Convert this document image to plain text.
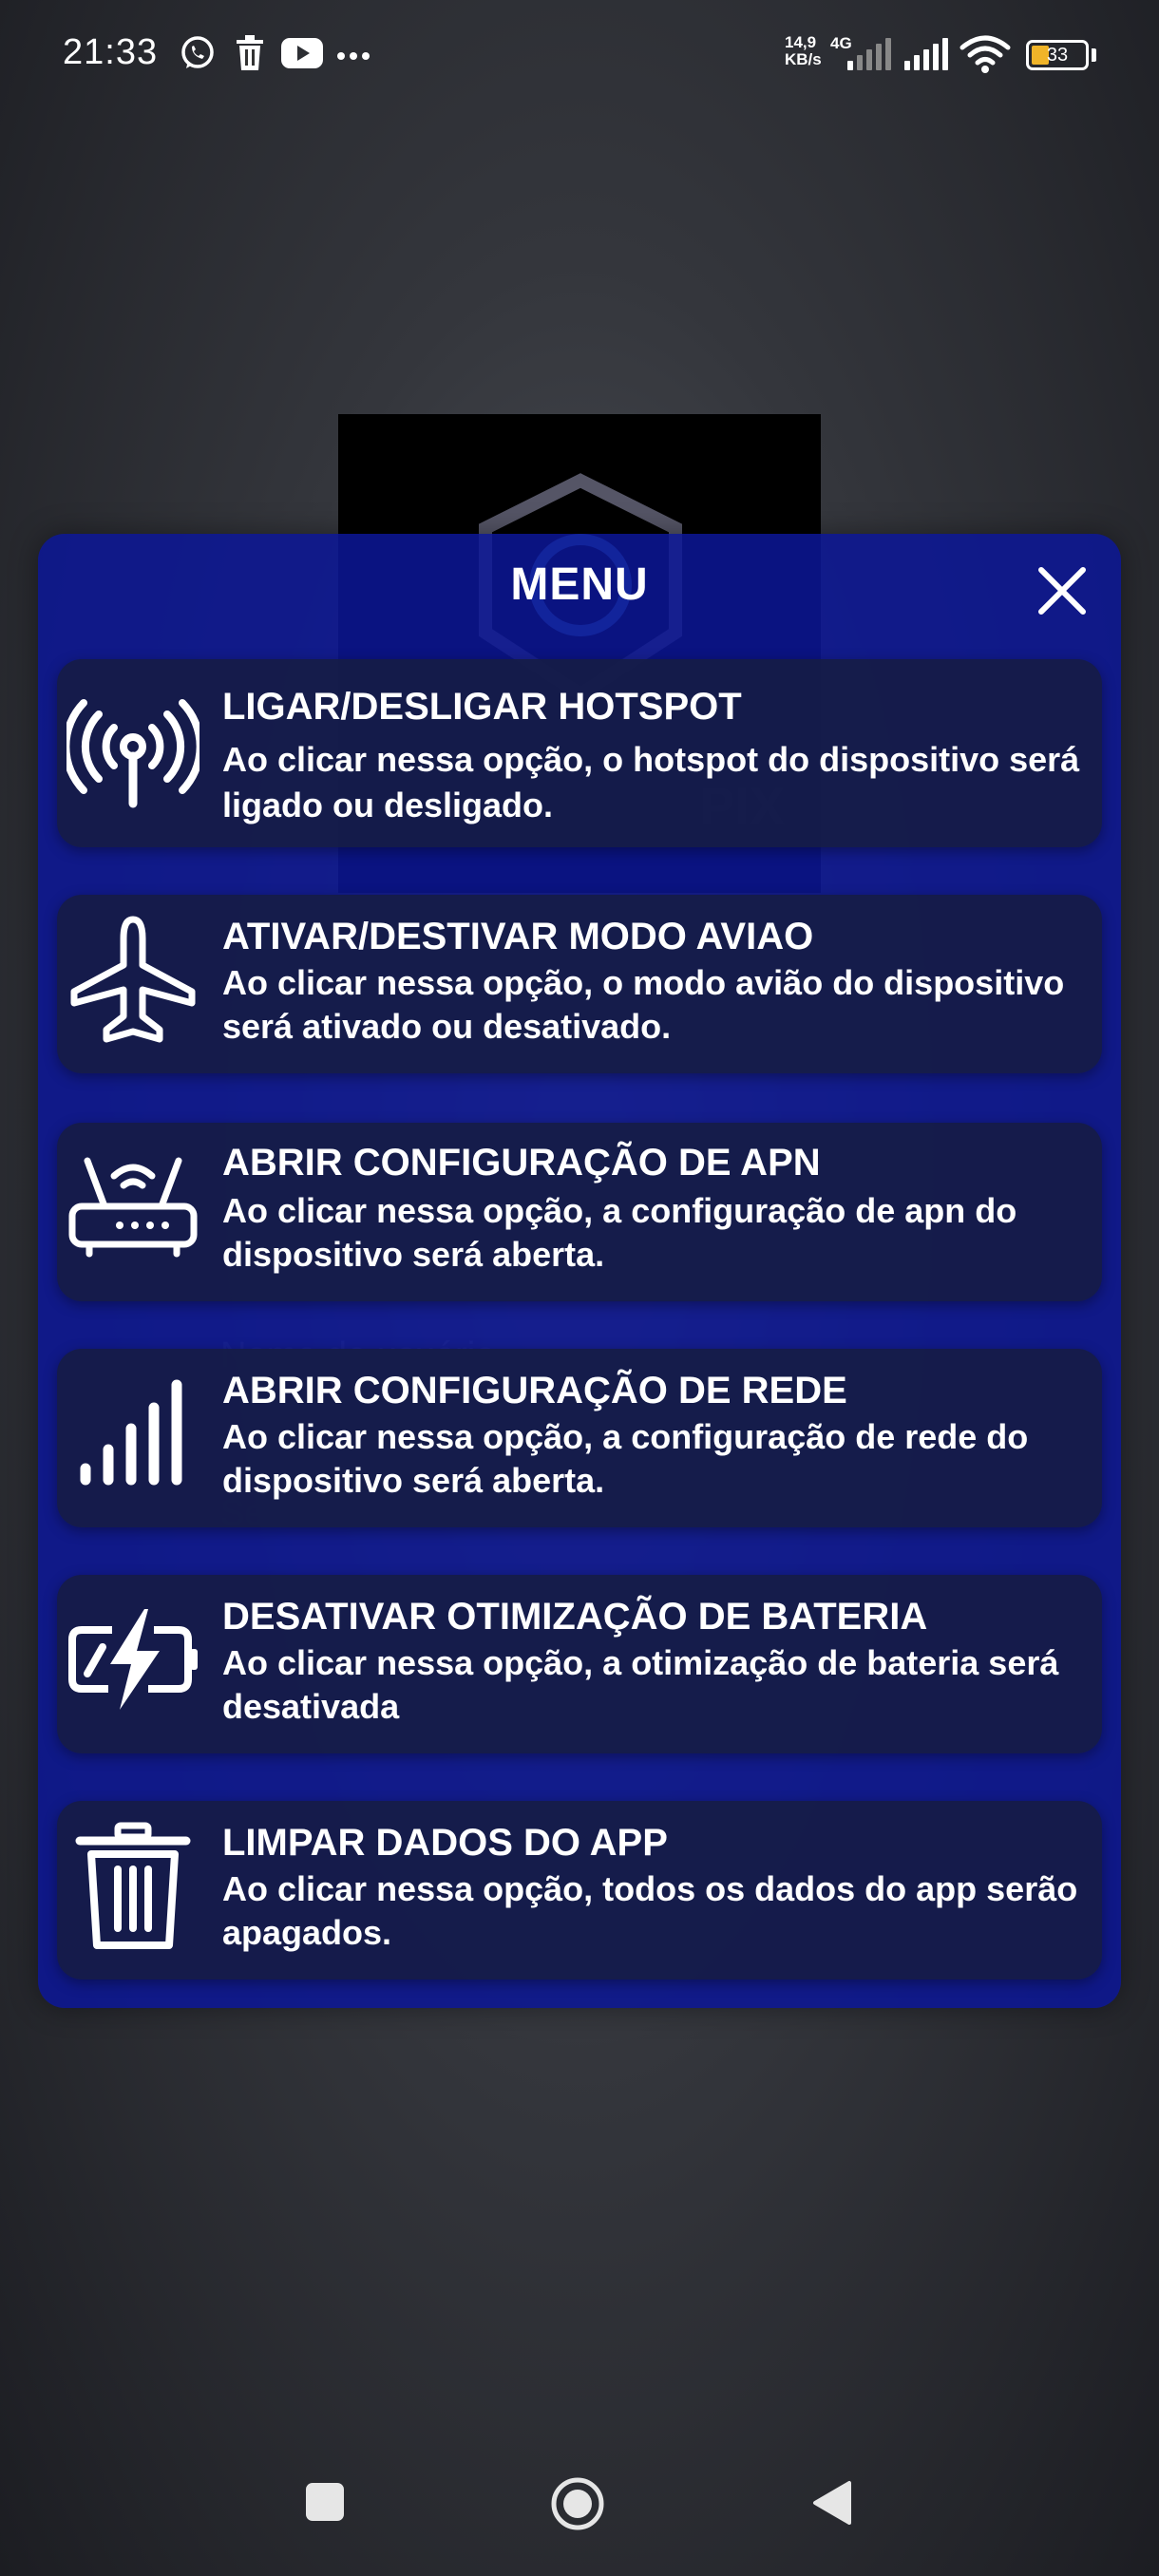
21:33	14,9
KB/s
4G
33
MENU
LIGAR/DESLIGAR HOTSPOT
Ao clicar nessa opção, o hotspot do dispositivo será ligado ou desligado.
ATIVAR/DESTIVAR MODO AVIAO
Ao clicar nessa opção, o modo avião do dispositivo será ativado ou desativado.
ABRIR CONFIGURAÇÃO DE APN
Ao clicar nessa opção, a configuração de apn do dispositivo será aberta.
ABRIR CONFIGURAÇÃO DE REDE
Ao clicar nessa opção, a configuração de rede do dispositivo será aberta.
DESATIVAR OTIMIZAÇÃO DE BATERIA
Ao clicar nessa opção, a otimização de bateria será desativada
LIMPAR DADOS DO APP
Ao clicar nessa opção, todos os dados do app serão apagados.
